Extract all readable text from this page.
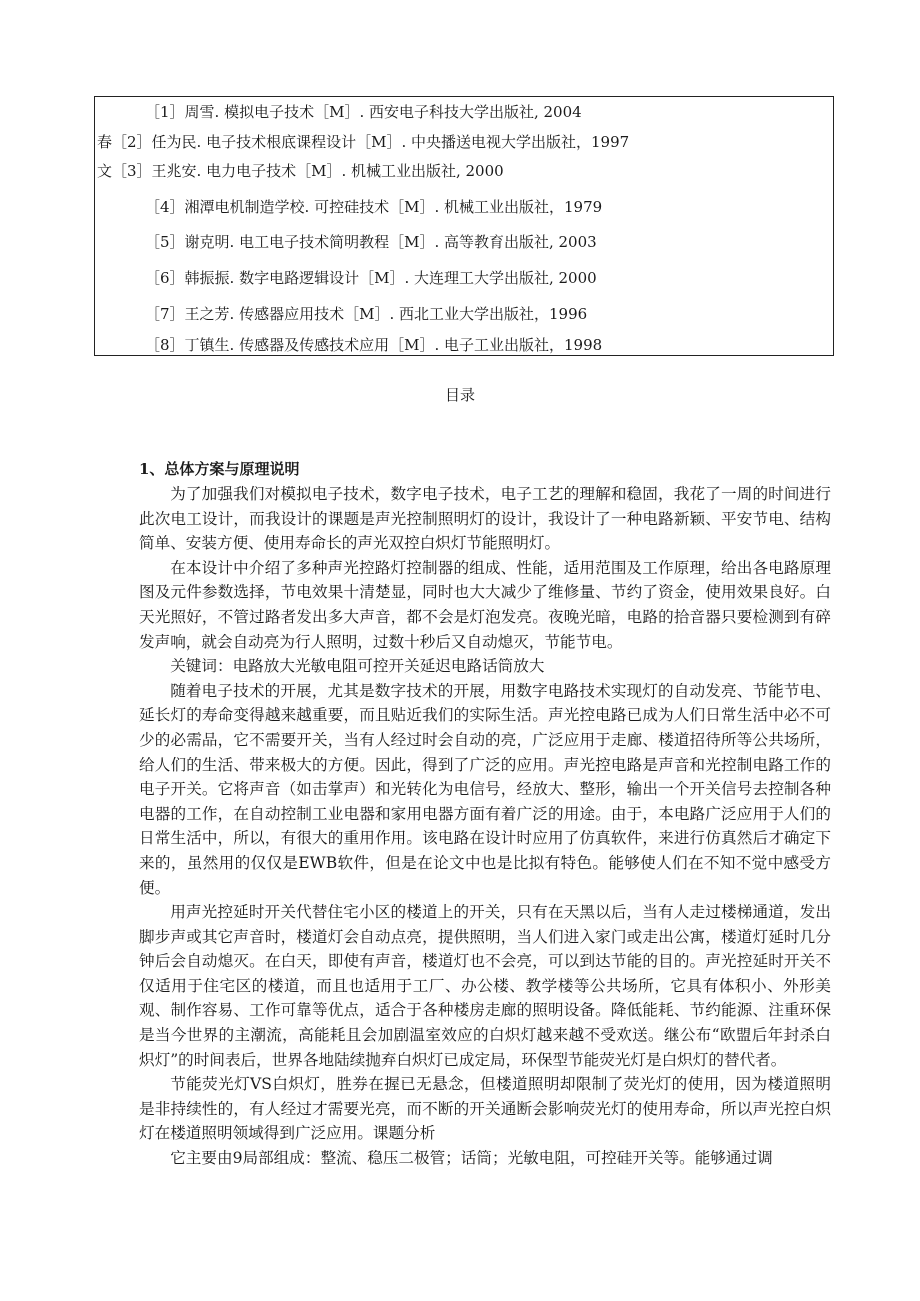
［1］周雪. 模拟电子技术［M］. 西安电子科技大学出版社, 2004
春［2］任为民. 电子技术根底课程设计［M］. 中央播送电视大学出版社，1997
文［3］王兆安. 电力电子技术［M］. 机械工业出版社, 2000
［4］湘潭电机制造学校. 可控硅技术［M］. 机械工业出版社，1979
［5］谢克明. 电工电子技术简明教程［M］. 高等教育出版社, 2003
［6］韩振振. 数字电路逻辑设计［M］. 大连理工大学出版社, 2000
［7］王之芳. 传感器应用技术［M］. 西北工业大学出版社，1996
［8］丁镇生. 传感器及传感技术应用［M］. 电子工业出版社，1998
目录
1、总体方案与原理说明

为了加强我们对模拟电子技术，数字电子技术，电子工艺的理解和稳固，我花了一周的时间进行此次电工设计，而我设计的课题是声光控制照明灯的设计，我设计了一种电路新颖、平安节电、结构简单、安装方便、使用寿命长的声光双控白炽灯节能照明灯。

在本设计中介绍了多种声光控路灯控制器的组成、性能，适用范围及工作原理，给出各电路原理图及元件参数选择，节电效果十清楚显，同时也大大减少了维修量、节约了资金，使用效果良好。白天光照好，不管过路者发出多大声音，都不会是灯泡发亮。夜晚光暗，电路的拾音器只要检测到有碎发声响，就会自动亮为行人照明，过数十秒后又自动熄灭，节能节电。

关键词：电路放大光敏电阻可控开关延迟电路话筒放大

随着电子技术的开展，尤其是数字技术的开展，用数字电路技术实现灯的自动发亮、节能节电、延长灯的寿命变得越来越重要，而且贴近我们的实际生活。声光控电路已成为人们日常生活中必不可少的必需品，它不需要开关，当有人经过时会自动的亮，广泛应用于走廊、楼道招待所等公共场所，给人们的生活、带来极大的方便。因此，得到了广泛的应用。声光控电路是声音和光控制电路工作的电子开关。它将声音（如击掌声）和光转化为电信号，经放大、整形，输出一个开关信号去控制各种电器的工作，在自动控制工业电器和家用电器方面有着广泛的用途。由于，本电路广泛应用于人们的日常生活中，所以，有很大的重用作用。该电路在设计时应用了仿真软件，来进行仿真然后才确定下来的，虽然用的仅仅是EWB软件，但是在论文中也是比拟有特色。能够使人们在不知不觉中感受方便。

用声光控延时开关代替住宅小区的楼道上的开关，只有在天黑以后，当有人走过楼梯通道，发出脚步声或其它声音时，楼道灯会自动点亮，提供照明，当人们进入家门或走出公寓，楼道灯延时几分钟后会自动熄灭。在白天，即使有声音，楼道灯也不会亮，可以到达节能的目的。声光控延时开关不仅适用于住宅区的楼道，而且也适用于工厂、办公楼、教学楼等公共场所，它具有体积小、外形美观、制作容易、工作可靠等优点，适合于各种楼房走廊的照明设备。降低能耗、节约能源、注重环保是当今世界的主潮流，高能耗且会加剧温室效应的白炽灯越来越不受欢送。继公布“欧盟后年封杀白炽灯”的时间表后，世界各地陆续抛弃白炽灯已成定局，环保型节能荧光灯是白炽灯的替代者。

节能荧光灯VS白炽灯，胜券在握已无悬念，但楼道照明却限制了荧光灯的使用，因为楼道照明是非持续性的，有人经过才需要光亮，而不断的开关通断会影响荧光灯的使用寿命，所以声光控白炽灯在楼道照明领域得到广泛应用。课题分析

它主要由9局部组成：整流、稳压二极管；话筒；光敏电阻，可控硅开关等。能够通过调
